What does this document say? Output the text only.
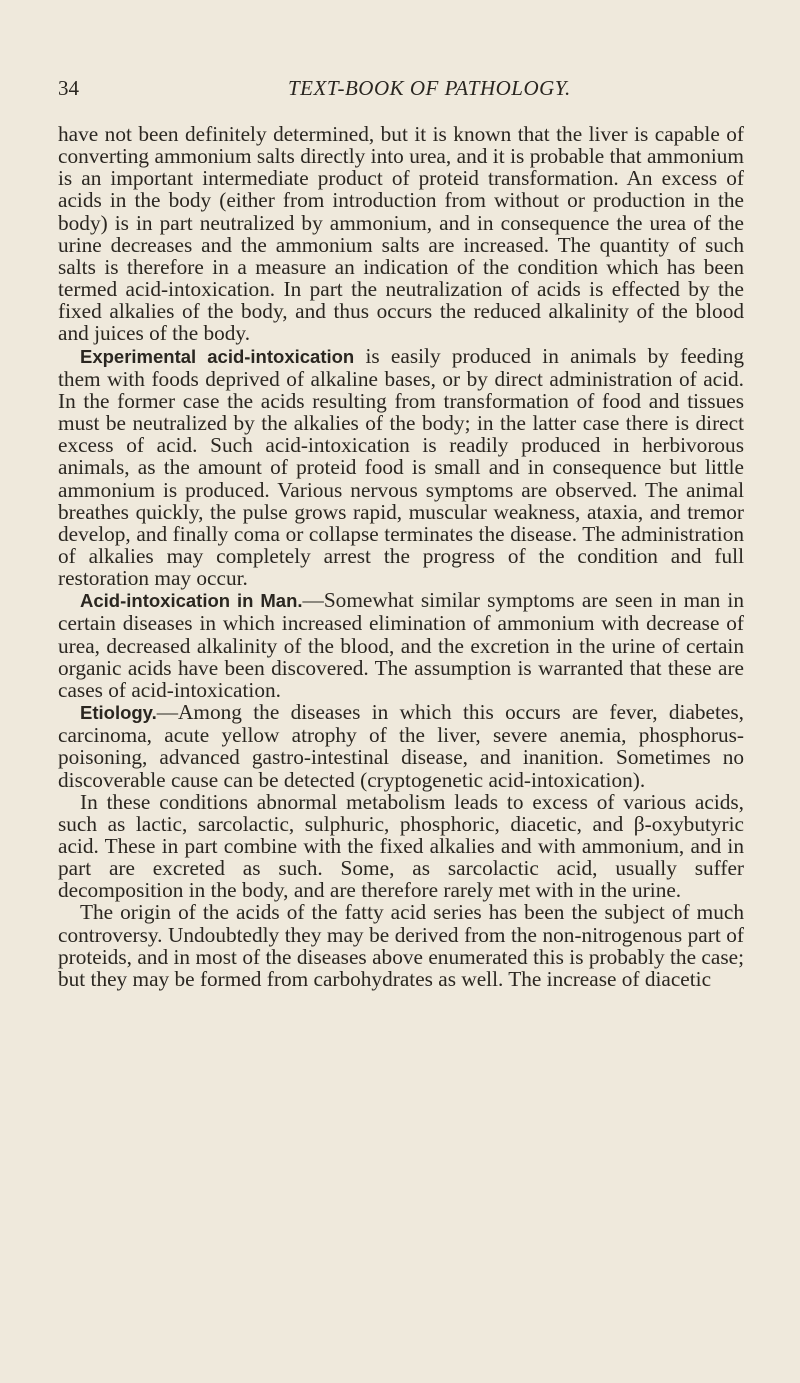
34	TEXT-BOOK OF PATHOLOGY.

have not been definitely determined, but it is known that the liver is capable of converting ammonium salts directly into urea, and it is probable that ammonium is an important intermediate product of proteid transformation. An excess of acids in the body (either from introduction from without or production in the body) is in part neutralized by ammonium, and in consequence the urea of the urine decreases and the ammonium salts are increased. The quantity of such salts is therefore in a measure an indication of the condition which has been termed acid-intoxication. In part the neutralization of acids is effected by the fixed alkalies of the body, and thus occurs the reduced alkalinity of the blood and juices of the body.

Experimental acid-intoxication is easily produced in animals by feeding them with foods deprived of alkaline bases, or by direct administration of acid. In the former case the acids resulting from transformation of food and tissues must be neutralized by the alkalies of the body; in the latter case there is direct excess of acid. Such acid-intoxication is readily produced in herbivorous animals, as the amount of proteid food is small and in consequence but little ammonium is produced. Various nervous symptoms are observed. The animal breathes quickly, the pulse grows rapid, muscular weakness, ataxia, and tremor develop, and finally coma or collapse terminates the disease. The administration of alkalies may completely arrest the progress of the condition and full restoration may occur.

Acid-intoxication in Man.—Somewhat similar symptoms are seen in man in certain diseases in which increased elimination of ammonium with decrease of urea, decreased alkalinity of the blood, and the excretion in the urine of certain organic acids have been discovered. The assumption is warranted that these are cases of acid-intoxication.

Etiology.—Among the diseases in which this occurs are fever, diabetes, carcinoma, acute yellow atrophy of the liver, severe anemia, phosphorus-poisoning, advanced gastro-intestinal disease, and inanition. Sometimes no discoverable cause can be detected (cryptogenetic acid-intoxication).

In these conditions abnormal metabolism leads to excess of various acids, such as lactic, sarcolactic, sulphuric, phosphoric, diacetic, and β-oxybutyric acid. These in part combine with the fixed alkalies and with ammonium, and in part are excreted as such. Some, as sarcolactic acid, usually suffer decomposition in the body, and are therefore rarely met with in the urine.

The origin of the acids of the fatty acid series has been the subject of much controversy. Undoubtedly they may be derived from the non-nitrogenous part of proteids, and in most of the diseases above enumerated this is probably the case; but they may be formed from carbohydrates as well. The increase of diacetic
